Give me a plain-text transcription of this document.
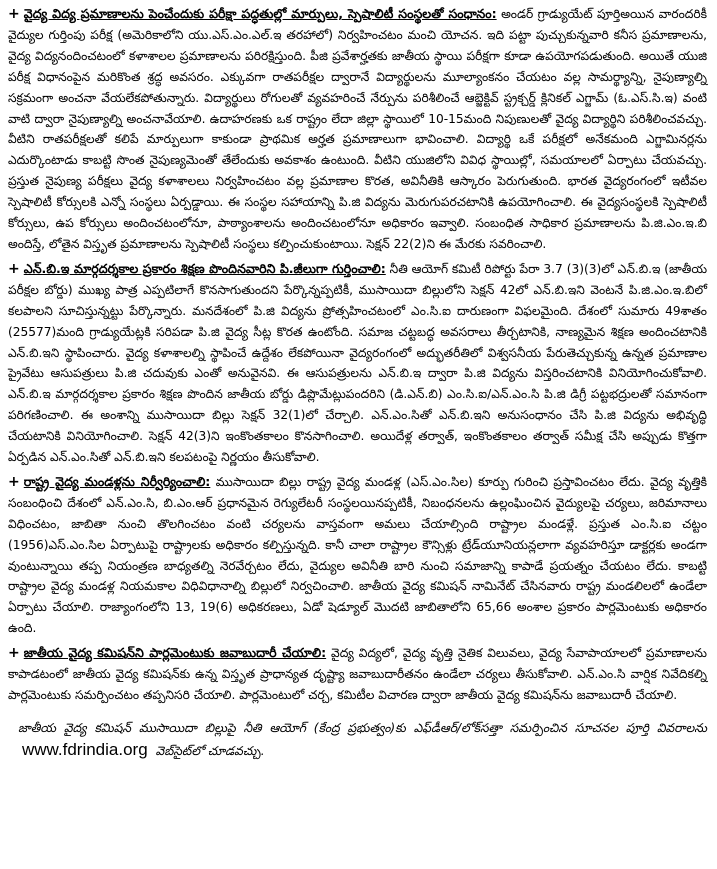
+ వైద్య విద్య ప్రమాణాలను పెంచేందుకు పరీక్షా పద్ధతుల్లో మార్పులు, స్పెషాలిటీ సంస్థలతో సంధానం: అండర్ గ్రాడ్యుయేట్ పూర్తిఅయిన వారందరికీ వైద్యుల గుర్తింపు పరీక్ష (అమెరికాలోని యు.ఎస్.ఎం.ఎల్.ఇ తరహాలో) నిర్వహించటం మంచి యోచన. ఇది పట్టా పుచ్చుకున్నవారి కనీస ప్రమాణాలను, వైద్య విద్యనందించటంలో కళాశాలల ప్రమాణాలను పరిరక్షిస్తుంది. పీజి ప్రవేశార్హతకు జాతీయ స్థాయి పరీక్షగా కూడా ఉపయోగపడుతుంది. అయితే యుజి పరీక్ష విధానంపైన మరికొంత శ్రద్ధ అవసరం. ఎక్కువగా రాతపరీక్షల ద్వారానే విద్యార్థులను మూల్యాంకనం చేయటం వల్ల సామర్థ్యాన్ని, నైపుణ్యాల్ని సక్రమంగా అంచనా వేయలేకపోతున్నారు. విద్యార్థులు రోగులతో వ్యవహరించే నేర్పును పరిశీలించే ఆబ్జెక్టివ్ స్ట్రక్చర్డ్ క్లినికల్ ఎగ్జామ్ (ఓ.ఎస్.సి.ఇ) వంటి వాటి ద్వారా నైపుణ్యాల్ని అంచనావేయాలి. ఉదాహరణకు ఒక రాష్ట్రం లేదా జిల్లా స్థాయిలో 10-15మంది నిపుణులతో వైద్య విద్యార్థిని పరిశీలించవచ్చు. వీటిని రాతపరీక్షలతో కలిపే మార్పులుగా కాకుండా ప్రాథమిక అర్హత ప్రమాణాలుగా భావించాలి. విద్యార్థి ఒకే పరీక్షలో అనేకమంది ఎగ్జామినర్లను ఎదుర్కొంటాడు కాబట్టి సొంత నైపుణ్యమెంతో తేలేందుకు అవకాశం ఉంటుంది. వీటిని యుజిలోని వివిధ స్థాయిల్లో, సమయాలలో ఏర్పాటు చేయవచ్చు. ప్రస్తుత నైపుణ్య పరీక్షలు వైద్య కళాశాలలు నిర్వహించటం వల్ల ప్రమాణాల కొరత, అవినీతికి ఆస్కారం పెరుగుతుంది. భారత వైద్యరంగంలో ఇటీవల స్పెషాలిటీ కోర్సులకి ఎన్నో సంస్థలు ఏర్పడ్డాయి. ఈ సంస్థల సహాయాన్ని పి.జి విద్యను మెరుగుపరచటానికి ఉపయోగించాలి. ఈ వైద్యసంస్థలకి స్పెషాలిటీ కోర్సులు, ఉప కోర్సులు అందించటంలోనూ, పాఠ్యాంశాలను అందించటంలోనూ అధికారం ఇవ్వాలి. సంబంధిత సాధికార ప్రమాణాలను పి.జి.ఎం.ఇ.బి అందిస్తే, లోతైన విస్తృత ప్రమాణాలను స్పెషాలిటీ సంస్థలు కల్పించుకుంటాయి. సెక్షన్ 22(2)ని ఈ మేరకు సవరించాలి.

+ ఎన్.బి.ఇ మార్గదర్శకాల ప్రకారం శిక్షణ పొందినవారిని పి.జీలుగా గుర్తించాలి: నీతి ఆయోగ్ కమిటీ రిపోర్టు పేరా 3.7 (3)(3)లో ఎన్.బి.ఇ (జాతీయ పరీక్షల బోర్డు) ముఖ్య పాత్ర ఎప్పటిలాగే కొనసాగుతుందని పేర్కొన్నప్పటికీ, ముసాయిదా బిల్లులోని సెక్షన్ 42లో ఎన్.బి.ఇని వెంటనే పి.జి.ఎం.ఇ.బిలో కలపాలని సూచిస్తున్నట్టు పేర్కొన్నారు. మనదేశంలో పి.జి విద్యను ప్రోత్సహించటంలో ఎం.సి.ఐ దారుణంగా విఫలమైంది. దేశంలో సుమారు 49శాతం (25577)మంది గ్రాడ్యుయేట్లకి సరిపడా పి.జి వైద్య సీట్ల కొరత ఉంటోంది. సమాజ చట్టబద్ధ అవసరాలు తీర్చటానికి, నాణ్యమైన శిక్షణ అందించటానికి ఎన్.బి.ఇని స్థాపించారు. వైద్య కళాశాలల్ని స్థాపించే ఉద్దేశం లేకపోయినా వైద్యరంగంలో అద్భుతరీతిలో విశ్వసనీయ పేరుతెచ్చుకున్న ఉన్నత ప్రమాణాల ప్రైవేటు ఆసుపత్రులు పి.జి చదువుకు ఎంతో అనువైనవి. ఈ ఆసుపత్రులను ఎన్.బి.ఇ ద్వారా పి.జి విద్యను విస్తరించటానికి వినియోగించుకోవాలి. ఎన్.బి.ఇ మార్గదర్శకాల ప్రకారం శిక్షణ పొందిన జాతీయ బోర్డు డిప్లొమేట్లుపందరిని (డి.ఎన్.బి) ఎం.సి.ఐ/ఎన్.ఎం.సి పి.జి డిగ్రీ పట్టభద్రులతో సమానంగా పరిగణించాలి. ఈ అంశాన్ని ముసాయిదా బిల్లు సెక్షన్ 32(1)లో చేర్చాలి. ఎన్.ఎం.సితో ఎన్.బి.ఇని అనుసంధానం చేసి పి.జి విద్యను అభివృద్ధి చేయటానికి వినియోగించాలి. సెక్షన్ 42(3)ని ఇంకొంతకాలం కొనసాగించాలి. అయిదేళ్ల తర్వాత్, ఇంకొంతకాలం తర్వాత్ సమీక్ష చేసి అప్పుడు కొత్తగా ఏర్పడిన ఎన్.ఎం.సితో ఎన్.బి.ఇని కలపటంపై నిర్ణయం తీసుకోవాలి.

+ రాష్ట్ర వైద్య మండళ్లను నిర్వీర్యించాలి: ముసాయిదా బిల్లు రాష్ట్ర వైద్య మండళ్ల (ఎస్.ఎం.సిల) కూర్పు గురించి ప్రస్తావించటం లేదు. వైద్య వృత్తికి సంబంధించి దేశంలో ఎన్.ఎం.సి, బి.ఎం.ఆర్ ప్రధానమైన రెగ్యులేటరీ సంస్థలయినప్పటికీ, నిబంధనలను ఉల్లంఘించిన వైద్యులపై చర్యలు, జరిమానాలు విధించటం, జాబితా నుంచి తొలగించటం వంటి చర్యలను వాస్తవంగా అమలు చేయాల్సింది రాష్ట్రాల మండళ్లే. ప్రస్తుత ఎం.సి.ఐ చట్టం (1956)ఎస్.ఎం.సిల ఏర్పాటుపై రాష్ట్రాలకు అధికారం కల్పిస్తున్నది. కానీ చాలా రాష్ట్రాల కౌన్సిళ్లు ట్రేడ్‌యూనియన్లలాగా వ్యవహరిస్తూ డాక్టర్లకు అండగా వుంటున్నాయి తప్ప నియంత్రణ బాధ్యతల్ని నెరవేర్చటం లేదు, వైద్యుల అవినీతి బారి నుంచి సమాజాన్ని కాపాడే ప్రయత్నం చేయటం లేదు. కాబట్టి రాష్ట్రాల వైద్య మండళ్ల నియమకాల విధివిధానాల్ని బిల్లులో నిర్వచించాలి. జాతీయ వైద్య కమిషన్ నామినేట్ చేసినవారు రాష్ట్ర మండలిలలో ఉండేలా ఏర్పాటు చేయాలి. రాజ్యాంగంలోని 13, 19(6) అధికరణలు, ఏడో షెడ్యూల్ మొదటి జాబితాలోని 65,66 అంశాల ప్రకారం పార్లమెంటుకు అధికారం ఉంది.

+ జాతీయ వైద్య కమిషన్‌ని పార్లమెంటుకు జవాబుదారీ చేయాలి: వైద్య విద్యలో, వైద్య వృత్తి నైతిక విలువలు, వైద్య సేవాపాయాలలో ప్రమాణాలను కాపాడటంలో జాతీయ వైద్య కమిషన్‌కు ఉన్న విస్తృత ప్రాధాన్యత దృష్ట్యా జవాబుదారీతనం ఉండేలా చర్యలు తీసుకోవాలి. ఎన్.ఎం.సి వార్షిక నివేదికల్ని పార్లమెంటుకు సమర్పించటం తప్పనిసరి చేయాలి. పార్లమెంటులో చర్చ, కమిటీల విచారణ ద్వారా జాతీయ వైద్య కమిషన్‌ను జవాబుదారీ చేయాలి.

జాతీయ వైద్య కమిషన్ ముసాయిదా బిల్లుపై నీతి ఆయోగ్ (కేంద్ర ప్రభుత్వం)కు ఎఫ్‌డీఆర్/లోక్‌సత్తా సమర్పించిన సూచనల పూర్తి వివరాలను www.fdrindia.org వెబ్‌సైట్‌లో చూడవచ్చు.
